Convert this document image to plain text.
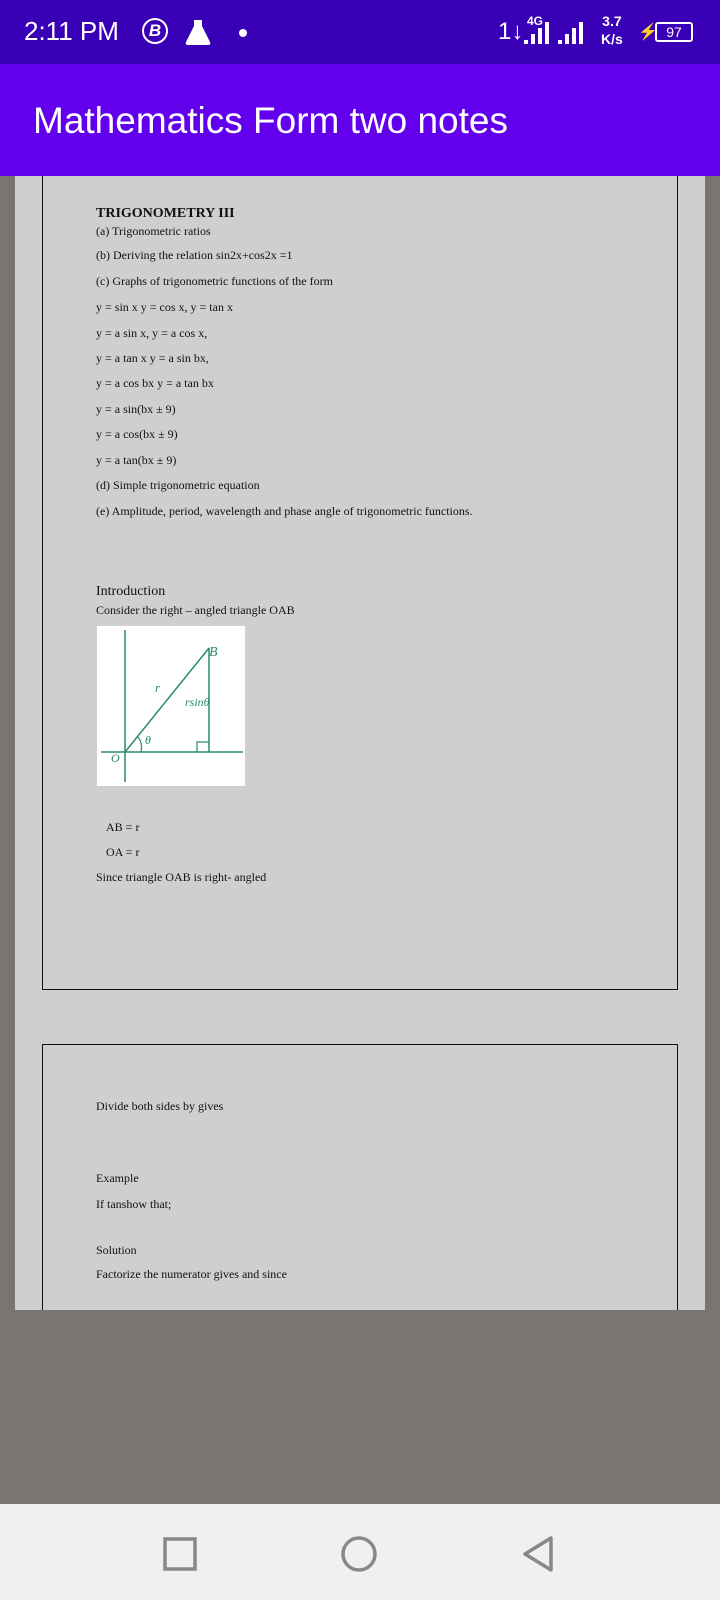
2:11 PM	B	1↓ 4G	3.7
K/s ⚡ 97
Mathematics Form two notes
TRIGONOMETRY III
(a) Trigonometric ratios
(b) Deriving the relation sin2x+cos2x =1
(c) Graphs of trigonometric functions of the form
y = sin x y = cos x, y = tan x
y = a sin x, y = a cos x,
y = a tan x y = a sin bx,
y = a cos bx y = a tan bx
y = a sin(bx ± 9)
y = a cos(bx ± 9)
y = a tan(bx ± 9)
(d) Simple trigonometric equation
(e) Amplitude, period, wavelength and phase angle of trigonometric functions.
Introduction
Consider the right – angled triangle OAB
B
r
rsinθ
θ
O
AB = r
OA = r
Since triangle OAB is right- angled
Divide both sides by gives
Example
If tanshow that;
Solution
Factorize the numerator gives and since
